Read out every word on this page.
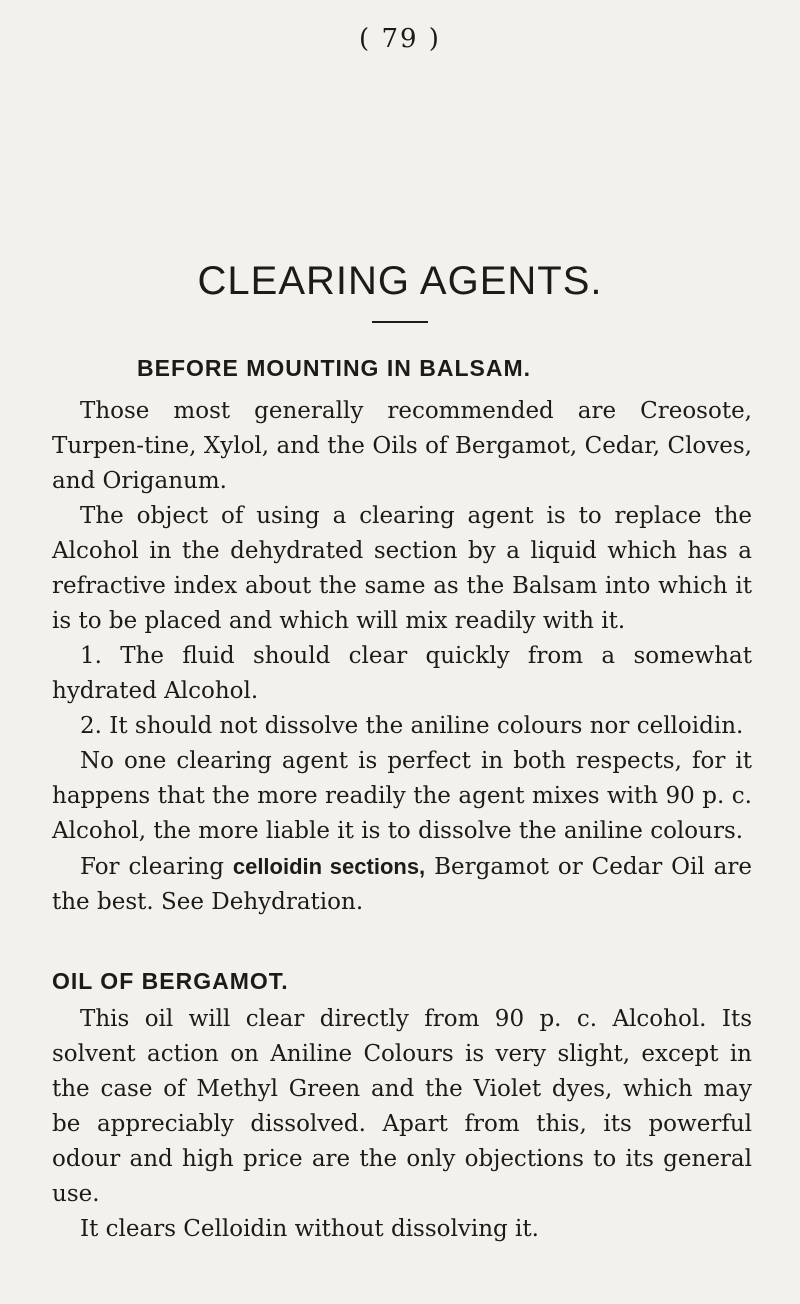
( 79 )
CLEARING AGENTS.
BEFORE MOUNTING IN BALSAM.

Those most generally recommended are Creosote, Turpen-tine, Xylol, and the Oils of Bergamot, Cedar, Cloves, and Origanum.

The object of using a clearing agent is to replace the Alcohol in the dehydrated section by a liquid which has a refractive index about the same as the Balsam into which it is to be placed and which will mix readily with it.

1. The fluid should clear quickly from a somewhat hydrated Alcohol.

2. It should not dissolve the aniline colours nor celloidin.

No one clearing agent is perfect in both respects, for it happens that the more readily the agent mixes with 90 p. c. Alcohol, the more liable it is to dissolve the aniline colours.

For clearing celloidin sections, Bergamot or Cedar Oil are the best. See Dehydration.

OIL OF BERGAMOT.

This oil will clear directly from 90 p. c. Alcohol. Its solvent action on Aniline Colours is very slight, except in the case of Methyl Green and the Violet dyes, which may be appreciably dissolved. Apart from this, its powerful odour and high price are the only objections to its general use.

It clears Celloidin without dissolving it.
